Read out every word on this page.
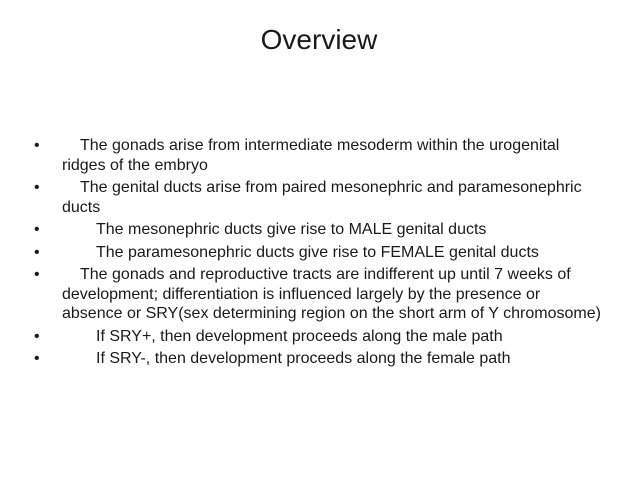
Overview
•	The gonads arise from intermediate mesoderm within the urogenital ridges of the embryo
•	The genital ducts arise from paired mesonephric and paramesonephric ducts
•	The mesonephric ducts give rise to MALE genital ducts
•	The paramesonephric ducts give rise to FEMALE genital ducts
•	The gonads and reproductive tracts are indifferent up until 7 weeks of development; differentiation is influenced largely by the presence or absence or SRY(sex determining region on the short arm of Y chromosome)
•	If SRY+, then development proceeds along the male path
•	If SRY-, then development proceeds along the female path
